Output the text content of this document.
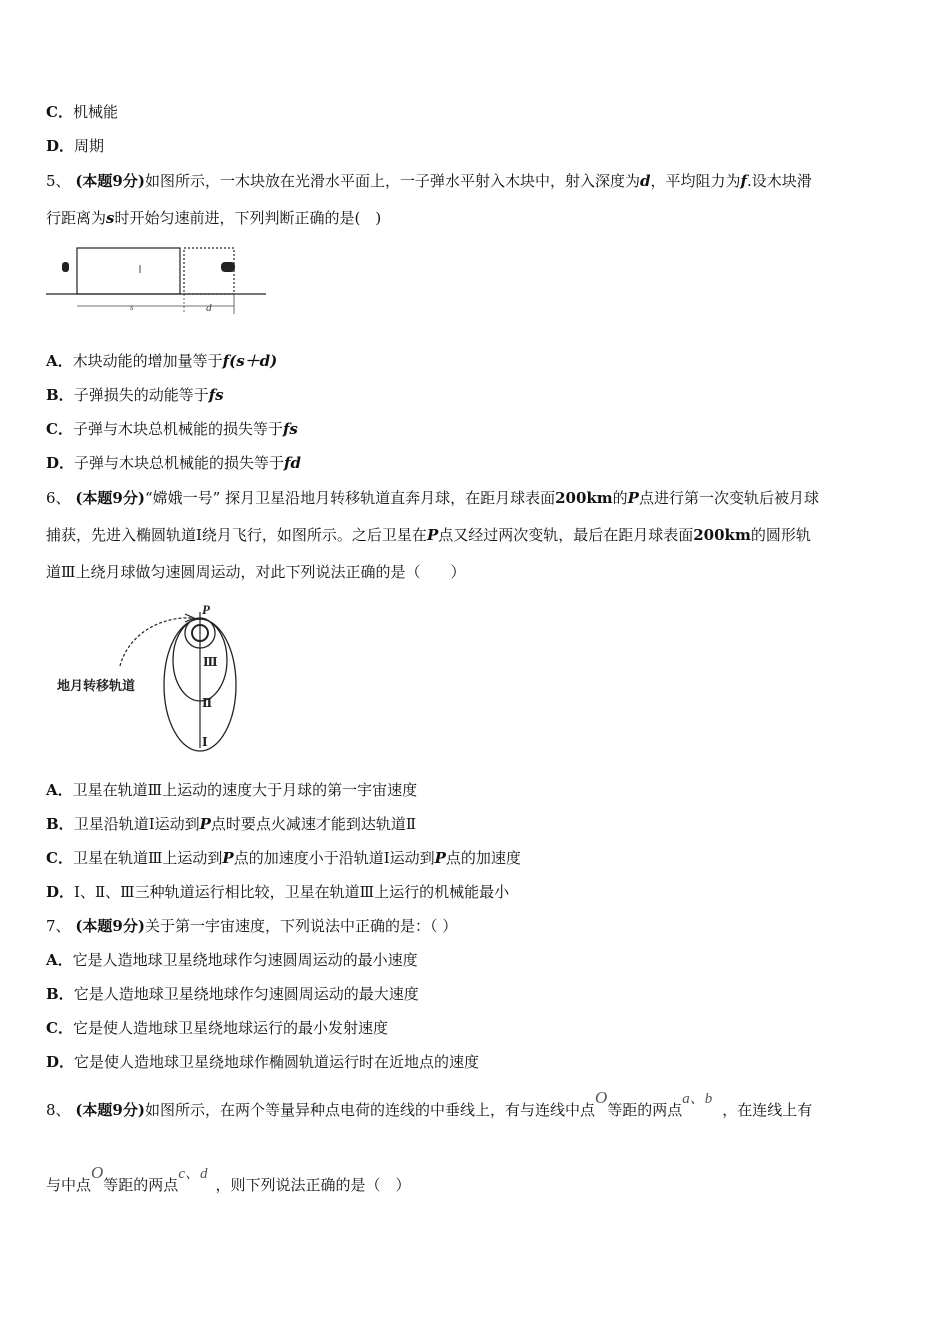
C．机械能
D．周期
5、 (本题9分)如图所示，一木块放在光滑水平面上，一子弹水平射入木块中，射入深度为d，平均阻力为f.设木块滑
行距离为s时开始匀速前进，下列判断正确的是(　)
s	d
A．木块动能的增加量等于f(s＋d)
B．子弹损失的动能等于fs
C．子弹与木块总机械能的损失等于fs
D．子弹与木块总机械能的损失等于fd
6、 (本题9分)“嫦娥一号” 探月卫星沿地月转移轨道直奔月球，在距月球表面200km的P点进行第一次变轨后被月球
捕获，先进入椭圆轨道Ⅰ绕月飞行，如图所示。之后卫星在P点又经过两次变轨，最后在距月球表面200km的圆形轨
道Ⅲ上绕月球做匀速圆周运动，对此下列说法正确的是（　　）
P
Ⅲ
Ⅱ
Ⅰ
地月转移轨道
A．卫星在轨道Ⅲ上运动的速度大于月球的第一宇宙速度
B．卫星沿轨道Ⅰ运动到P点时要点火减速才能到达轨道Ⅱ
C．卫星在轨道Ⅲ上运动到P点的加速度小于沿轨道Ⅰ运动到P点的加速度
D．Ⅰ、Ⅱ、Ⅲ三种轨道运行相比较，卫星在轨道Ⅲ上运行的机械能最小
7、 (本题9分)关于第一宇宙速度，下列说法中正确的是：（ ）
A．它是人造地球卫星绕地球作匀速圆周运动的最小速度
B．它是人造地球卫星绕地球作匀速圆周运动的最大速度
C．它是使人造地球卫星绕地球运行的最小发射速度
D．它是使人造地球卫星绕地球作椭圆轨道运行时在近地点的速度
8、 (本题9分)如图所示，在两个等量异种点电荷的连线的中垂线上，有与连线中点O等距的两点a、b，在连线上有
与中点O等距的两点c、d，则下列说法正确的是（　）
